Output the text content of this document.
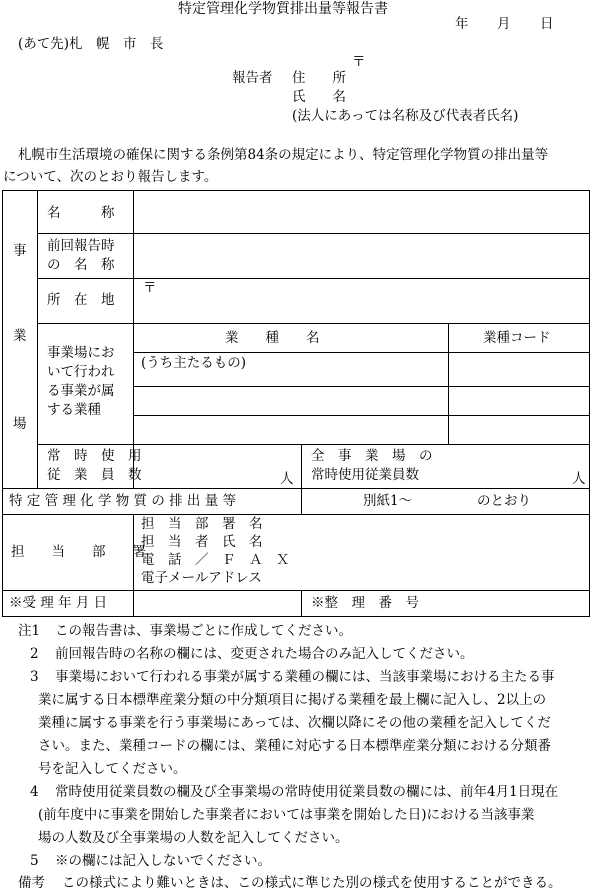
特定管理化学物質排出量等報告書
年 月 日
(あて先)札　幌　市　長
〒
報告者 住　　所
氏　　名
(法人にあっては名称及び代表者氏名)
札幌市生活環境の確保に関する条例第84条の規定により、特定管理化学物質の排出量等
について、次のとおり報告します。
事
業
場
名　　　称
前回報告時
の　名　称
所　在　地
〒
事業場にお
いて行われ
る事業が属
する業種
業　　種　　名	業種コード
(うち主たるもの)
常　時　使　用
従　業　員　数	人
全　事　業　場　の
常時使用従業員数	人
特 定 管 理 化 学 物 質 の 排 出 量 等	別紙1～	のとおり
担　　当　　部　　署
担　当　部　署　名
担　当　者　氏　名
電　話　／　Ｆ　Ａ　Ｘ
電子メールアドレス
※受 理 年 月 日	※整　理　番　号
注1 この報告書は、事業場ごとに作成してください。
2 前回報告時の名称の欄には、変更された場合のみ記入してください。
3 事業場において行われる事業が属する業種の欄には、当該事業場における主たる事
業に属する日本標準産業分類の中分類項目に掲げる業種を最上欄に記入し、2以上の
業種に属する事業を行う事業場にあっては、次欄以降にその他の業種を記入してくだ
さい。また、業種コードの欄には、業種に対応する日本標準産業分類における分類番
号を記入してください。
4 常時使用従業員数の欄及び全事業場の常時使用従業員数の欄には、前年4月1日現在
(前年度中に事業を開始した事業者においては事業を開始した日)における当該事業
場の人数及び全事業場の人数を記入してください。
5 ※の欄には記入しないでください。
備考 この様式により難いときは、この様式に準じた別の様式を使用することができる。
